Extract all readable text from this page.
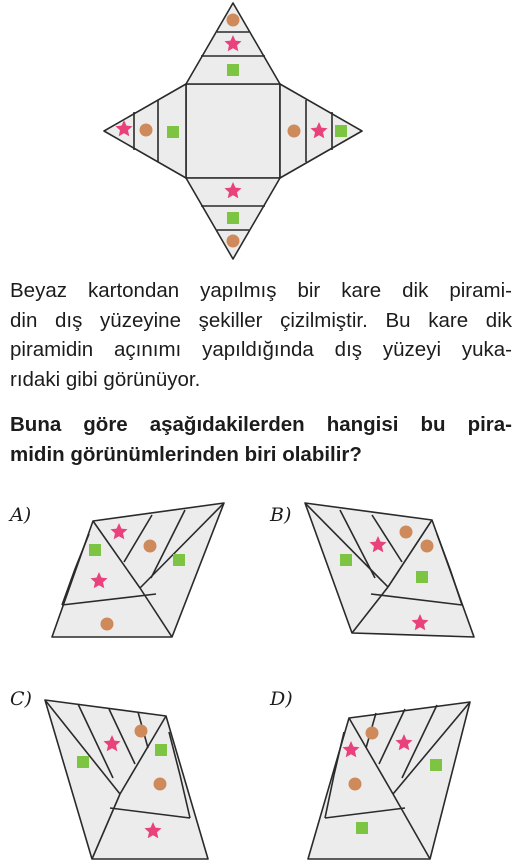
Beyaz kartondan yapılmış bir kare dik pirami-
din dış yüzeyine şekiller çizilmiştir. Bu kare dik
piramidin açınımı yapıldığında dış yüzeyi yuka-
rıdaki gibi görünüyor.

Buna göre aşağıdakilerden hangisi bu pira-
midin görünümlerinden biri olabilir?

A)	B)
C)	D)
